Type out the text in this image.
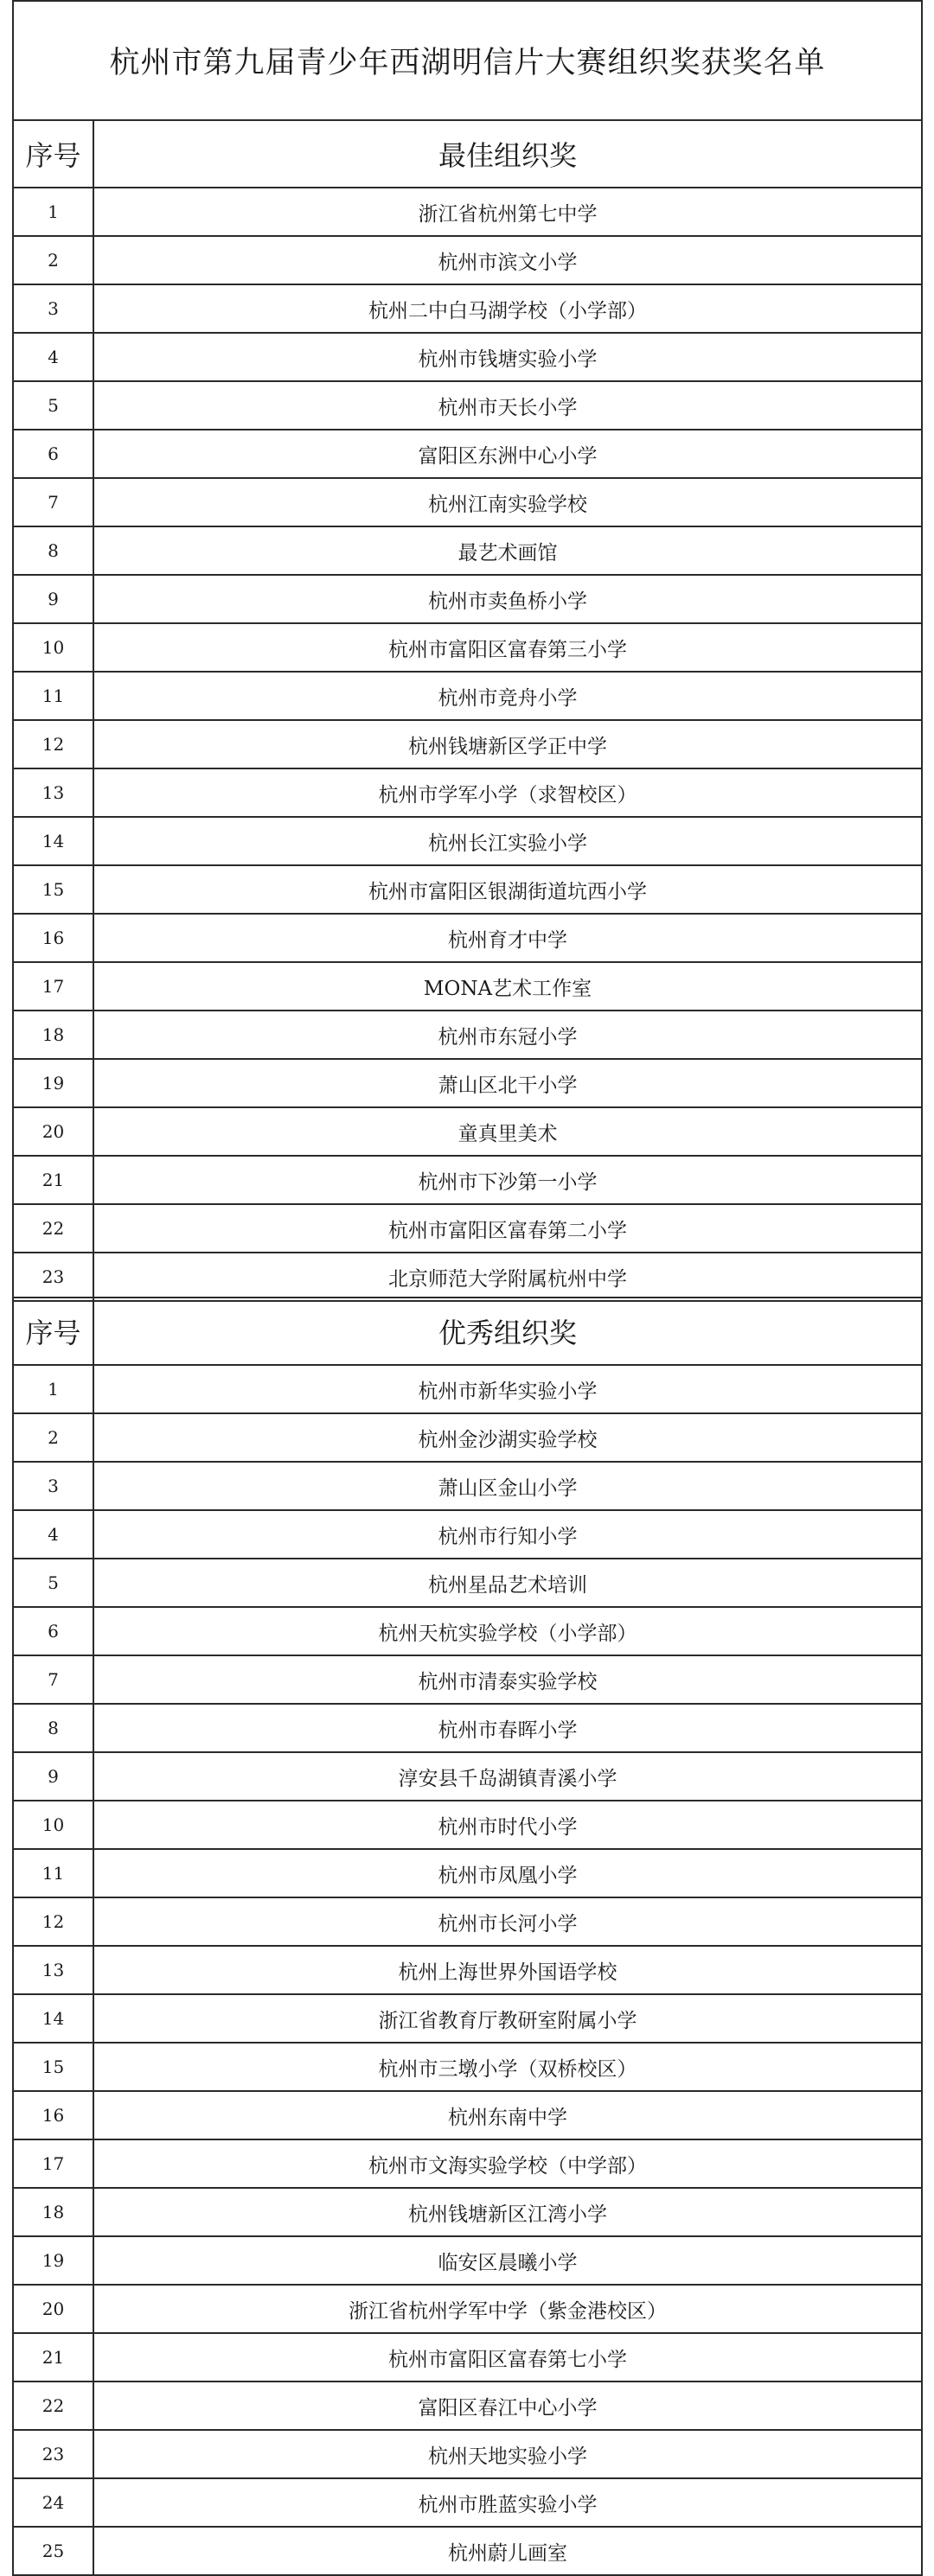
杭州市第九届青少年西湖明信片大赛组织奖获奖名单
序号	最佳组织奖
1	浙江省杭州第七中学
2	杭州市滨文小学
3	杭州二中白马湖学校（小学部）
4	杭州市钱塘实验小学
5	杭州市天长小学
6	富阳区东洲中心小学
7	杭州江南实验学校
8	最艺术画馆
9	杭州市卖鱼桥小学
10	杭州市富阳区富春第三小学
11	杭州市竞舟小学
12	杭州钱塘新区学正中学
13	杭州市学军小学（求智校区）
14	杭州长江实验小学
15	杭州市富阳区银湖街道坑西小学
16	杭州育才中学
17	MONA艺术工作室
18	杭州市东冠小学
19	萧山区北干小学
20	童真里美术
21	杭州市下沙第一小学
22	杭州市富阳区富春第二小学
23	北京师范大学附属杭州中学
序号	优秀组织奖
1	杭州市新华实验小学
2	杭州金沙湖实验学校
3	萧山区金山小学
4	杭州市行知小学
5	杭州星品艺术培训
6	杭州天杭实验学校（小学部）
7	杭州市清泰实验学校
8	杭州市春晖小学
9	淳安县千岛湖镇青溪小学
10	杭州市时代小学
11	杭州市凤凰小学
12	杭州市长河小学
13	杭州上海世界外国语学校
14	浙江省教育厅教研室附属小学
15	杭州市三墩小学（双桥校区）
16	杭州东南中学
17	杭州市文海实验学校（中学部）
18	杭州钱塘新区江湾小学
19	临安区晨曦小学
20	浙江省杭州学军中学（紫金港校区）
21	杭州市富阳区富春第七小学
22	富阳区春江中心小学
23	杭州天地实验小学
24	杭州市胜蓝实验小学
25	杭州蔚儿画室
